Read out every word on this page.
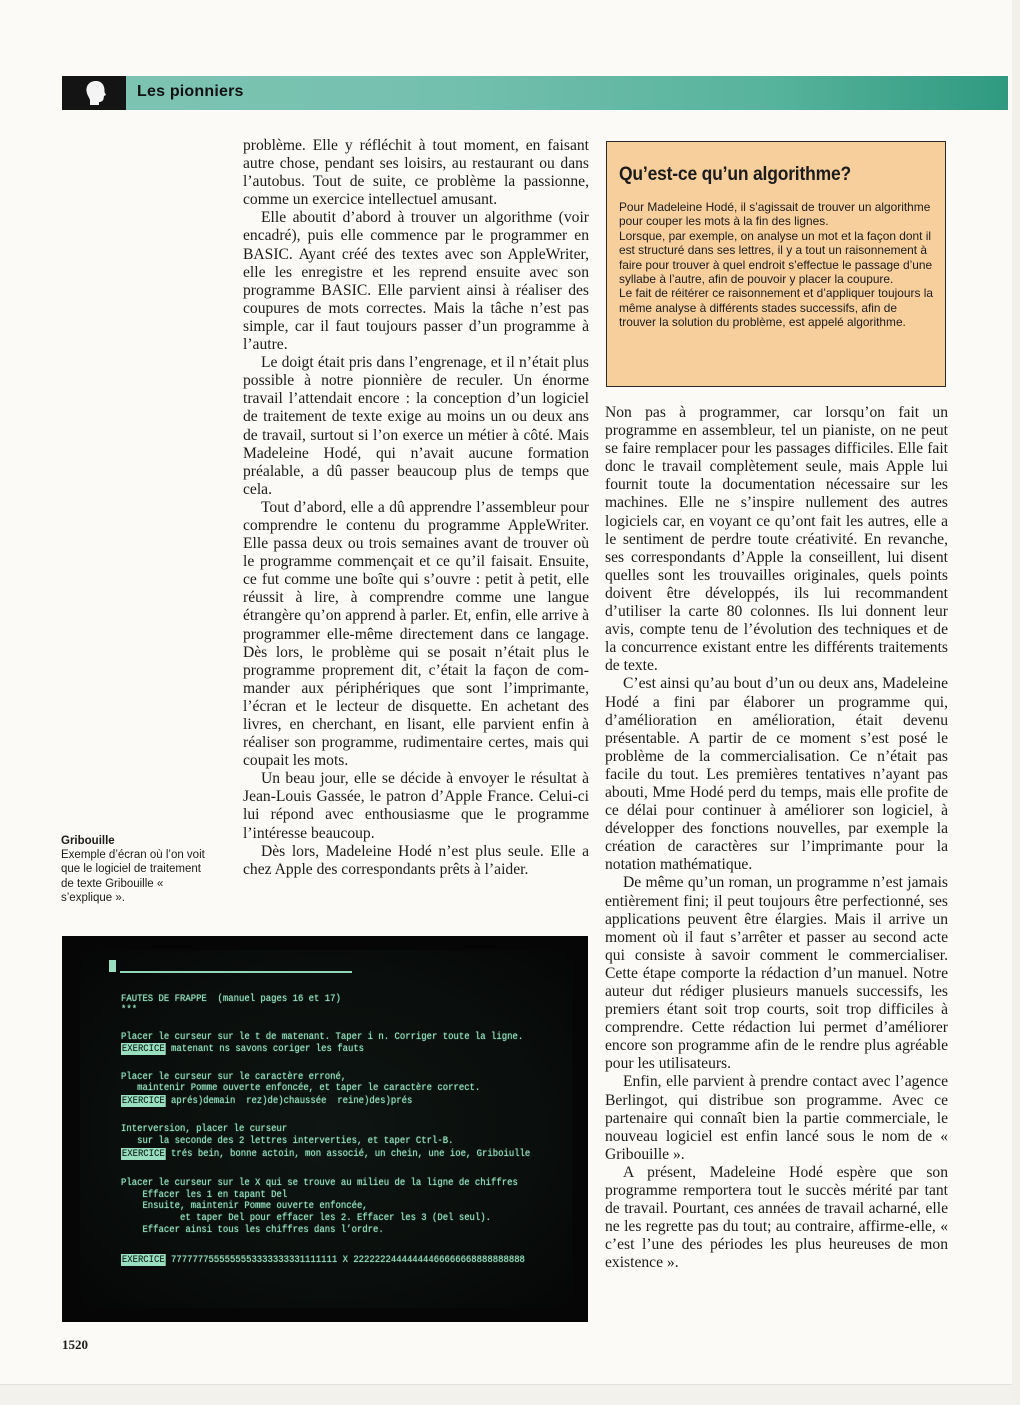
Les pionniers

problème. Elle y réfléchit à tout moment, en faisant autre chose, pendant ses loisirs, au restaurant ou dans l’autobus. Tout de suite, ce problème la passionne, comme un exercice intellectuel amusant.

Elle aboutit d’abord à trouver un algorithme (voir encadré), puis elle commence par le programmer en BASIC. Ayant créé des textes avec son AppleWriter, elle les enregistre et les reprend ensuite avec son programme BASIC. Elle parvient ainsi à réaliser des coupures de mots correctes. Mais la tâche n’est pas simple, car il faut toujours passer d’un programme à l’autre.

Le doigt était pris dans l’engrenage, et il n’était plus possible à notre pionnière de reculer. Un énorme travail l’attendait encore : la conception d’un logiciel de traitement de texte exige au moins un ou deux ans de travail, surtout si l’on exerce un métier à côté. Mais Madeleine Hodé, qui n’avait aucune formation préalable, a dû passer beaucoup plus de temps que cela.

Tout d’abord, elle a dû apprendre l’assembleur pour comprendre le contenu du programme AppleWriter. Elle passa deux ou trois semaines avant de trouver où le programme commençait et ce qu’il faisait. Ensuite, ce fut comme une boîte qui s’ouvre : petit à petit, elle réussit à lire, à comprendre comme une langue étrangère qu’on apprend à parler. Et, enfin, elle arrive à programmer elle-même directement dans ce langage. Dès lors, le problème qui se posait n’était plus le programme proprement dit, c’était la façon de commander aux périphériques que sont l’imprimante, l’écran et le lecteur de disquette. En achetant des livres, en cherchant, en lisant, elle parvient enfin à réaliser son programme, rudimentaire certes, mais qui coupait les mots.

Un beau jour, elle se décide à envoyer le résultat à Jean-Louis Gassée, le patron d’Apple France. Celui-ci lui répond avec enthousiasme que le programme l’intéresse beaucoup.

Dès lors, Madeleine Hodé n’est plus seule. Elle a chez Apple des correspondants prêts à l’aider.

Qu’est-ce qu’un algorithme?

Pour Madeleine Hodé, il s’agissait de trouver un algorithme pour couper les mots à la fin des lignes.
Lorsque, par exemple, on analyse un mot et la façon dont il est structuré dans ses lettres, il y a tout un raisonnement à faire pour trouver à quel endroit s’effectue le passage d’une syllabe à l’autre, afin de pouvoir y placer la coupure.
Le fait de réitérer ce raisonnement et d’appliquer toujours la même analyse à différents stades successifs, afin de trouver la solution du problème, est appelé algorithme.

Non pas à programmer, car lorsqu’on fait un programme en assembleur, tel un pianiste, on ne peut se faire remplacer pour les passages difficiles. Elle fait donc le travail complètement seule, mais Apple lui fournit toute la documentation nécessaire sur les machines. Elle ne s’inspire nullement des autres logiciels car, en voyant ce qu’ont fait les autres, elle a le sentiment de perdre toute créativité. En revanche, ses correspondants d’Apple la conseillent, lui disent quelles sont les trouvailles originales, quels points doivent être développés, ils lui recommandent d’utiliser la carte 80 colonnes. Ils lui donnent leur avis, compte tenu de l’évolution des techniques et de la concurrence existant entre les différents traitements de texte.

C’est ainsi qu’au bout d’un ou deux ans, Madeleine Hodé a fini par élaborer un programme qui, d’amélioration en amélioration, était devenu présentable. A partir de ce moment s’est posé le problème de la commercialisation. Ce n’était pas facile du tout. Les premières tentatives n’ayant pas abouti, Mme Hodé perd du temps, mais elle profite de ce délai pour continuer à améliorer son logiciel, à développer des fonctions nouvelles, par exemple la création de caractères sur l’imprimante pour la notation mathématique.

De même qu’un roman, un programme n’est jamais entièrement fini; il peut toujours être perfectionné, ses applications peuvent être élargies. Mais il arrive un moment où il faut s’arrêter et passer au second acte qui consiste à savoir comment le commercialiser. Cette étape comporte la rédaction d’un manuel. Notre auteur dut rédiger plusieurs manuels successifs, les premiers étant soit trop courts, soit trop difficiles à comprendre. Cette rédaction lui permet d’améliorer encore son programme afin de le rendre plus agréable pour les utilisateurs.

Enfin, elle parvient à prendre contact avec l’agence Berlingot, qui distribue son programme. Avec ce partenaire qui connaît bien la partie commerciale, le nouveau logiciel est enfin lancé sous le nom de « Gribouille ».

A présent, Madeleine Hodé espère que son programme remportera tout le succès mérité par tant de travail. Pourtant, ces années de travail acharné, elle ne les regrette pas du tout; au contraire, affirme-elle, « c’est l’une des périodes les plus heureuses de mon existence ».

Gribouille
Exemple d’écran où l’on voit que le logiciel de traitement de texte Gribouille « s’explique ».

FAUTES DE FRAPPE  (manuel pages 16 et 17)

***

Placer le curseur sur le t de matenant. Taper i n. Corriger toute la ligne.

EXERCICE matenant ns savons coriger les fauts

Placer le curseur sur le caractère erroné,

maintenir Pomme ouverte enfoncée, et taper le caractère correct.

EXERCICE aprés)demain  rez)de)chaussée  reine)des)prés

Interversion, placer le curseur

sur la seconde des 2 lettres interverties, et taper Ctrl-B.

EXERCICE trés bein, bonne actoin, mon associé, un chein, une ioe, Griboiulle

Placer le curseur sur le X qui se trouve au milieu de la ligne de chiffres

Effacer les 1 en tapant Del

Ensuite, maintenir Pomme ouverte enfoncée,

et taper Del pour effacer les 2. Effacer les 3 (Del seul).

Effacer ainsi tous les chiffres dans l’ordre.

EXERCICE 7777777555555553333333331111111 X 22222224444444466666668888888888

1520
